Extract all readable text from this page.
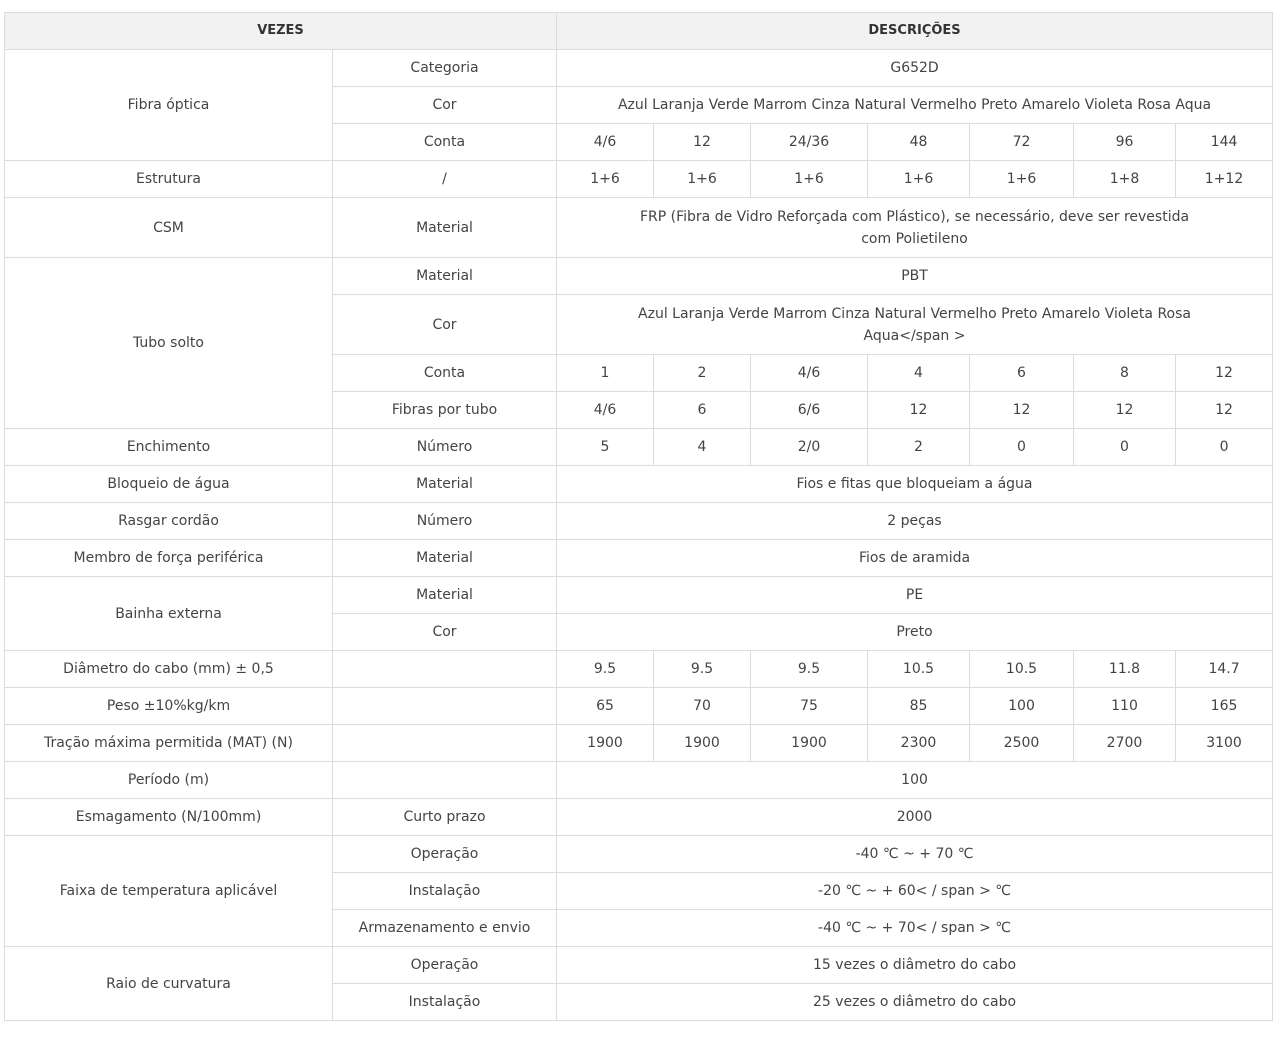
VEZES		DESCRIÇÕES						
Fibra óptica	Categoria	G652D						
	Cor	Azul Laranja Verde Marrom Cinza Natural Vermelho Preto Amarelo Violeta Rosa Aqua						
	Conta	4/6	12	24/36	48	72	96	144
Estrutura	/	1+6	1+6	1+6	1+6	1+6	1+8	1+12
CSM	Material	FRP (Fibra de Vidro Reforçada com Plástico), se necessário, deve ser revestida com Polietileno						
Tubo solto	Material	PBT						
	Cor	Azul Laranja Verde Marrom Cinza Natural Vermelho Preto Amarelo Violeta Rosa Aqua</span >						
	Conta	1	2	4/6	4	6	8	12
	Fibras por tubo	4/6	6	6/6	12	12	12	12
Enchimento	Número	5	4	2/0	2	0	0	0
Bloqueio de água	Material	Fios e fitas que bloqueiam a água						
Rasgar cordão	Número	2 peças						
Membro de força periférica	Material	Fios de aramida						
Bainha externa	Material	PE						
	Cor	Preto						
Diâmetro do cabo (mm) ± 0,5		9.5	9.5	9.5	10.5	10.5	11.8	14.7
Peso ±10%kg/km		65	70	75	85	100	110	165
Tração máxima permitida (MAT) (N)		1900	1900	1900	2300	2500	2700	3100
Período (m)		100						
Esmagamento (N/100mm)	Curto prazo	2000						
Faixa de temperatura aplicável	Operação	-40 ℃ ~ + 70 ℃						
	Instalação	-20 ℃ ~ + 60< / span > ℃						
	Armazenamento e envio	-40 ℃ ~ + 70< / span > ℃						
Raio de curvatura	Operação	15 vezes o diâmetro do cabo						
	Instalação	25 vezes o diâmetro do cabo						
